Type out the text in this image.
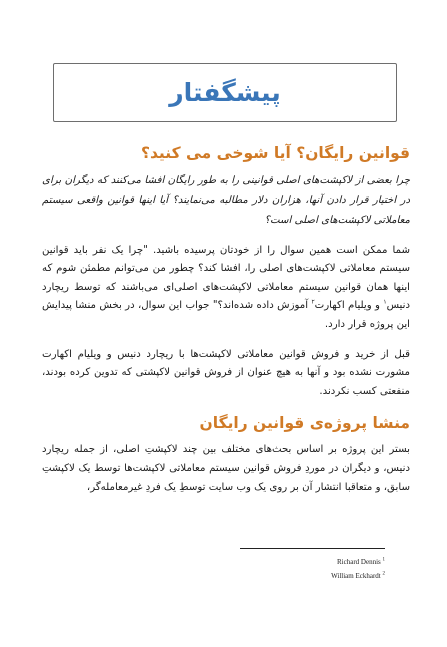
پیشگفتار
قوانین رایگان؟ آیا شوخی می کنید؟

چرا بعضی از لاکپشت‌های اصلی قوانینی را به طور رایگان افشا می‌کنند که دیگران برای در اختیار قرار دادن آنها، هزاران دلار مطالبه می‌نمایند؟ آیا اینها قوانین واقعی سیستم معاملاتی لاکپشت‌های اصلی است؟

شما ممکن است همین سوال را از خودتان پرسیده باشید. "چرا یک نفر باید قوانین سیستم معاملاتی لاکپشت‌های اصلی را، افشا کند؟ چطور من می‌توانم مطمئن شوم که اینها همان قوانین سیستم معاملاتی لاکپشت‌های اصلی‌ای می‌باشند که توسط ریچارد دنیس$^۱$ و ویلیام اکهارت$^۲$ آموزش داده شده‌اند؟" جواب این سوال، در بخش منشا پیدایش این پروژه قرار دارد.

قبل از خرید و فروش قوانین معاملاتی لاکپشت‌ها با ریچارد دنیس و ویلیام اکهارت مشورت نشده بود و آنها به هیچ عنوان از فروش قوانین لاکپشتی که تدوین کرده بودند، منفعتی کسب نکردند.

منشا پروژه‌ی قوانین رایگان

بستر این پروژه بر اساس بحث‌های مختلف بین چند لاکپشتِ اصلی، از جمله ریچارد دنیس، و دیگران در موردِ فروش قوانین سیستم معاملاتی لاکپشت‌ها توسط یک لاکپشتِ سابق، و متعاقبا انتشار آن بر روی یک وب سایت توسطِ یک فردِ غیرمعامله‌گر،

Richard Dennis $^1$
William Eckhardt $^2$
